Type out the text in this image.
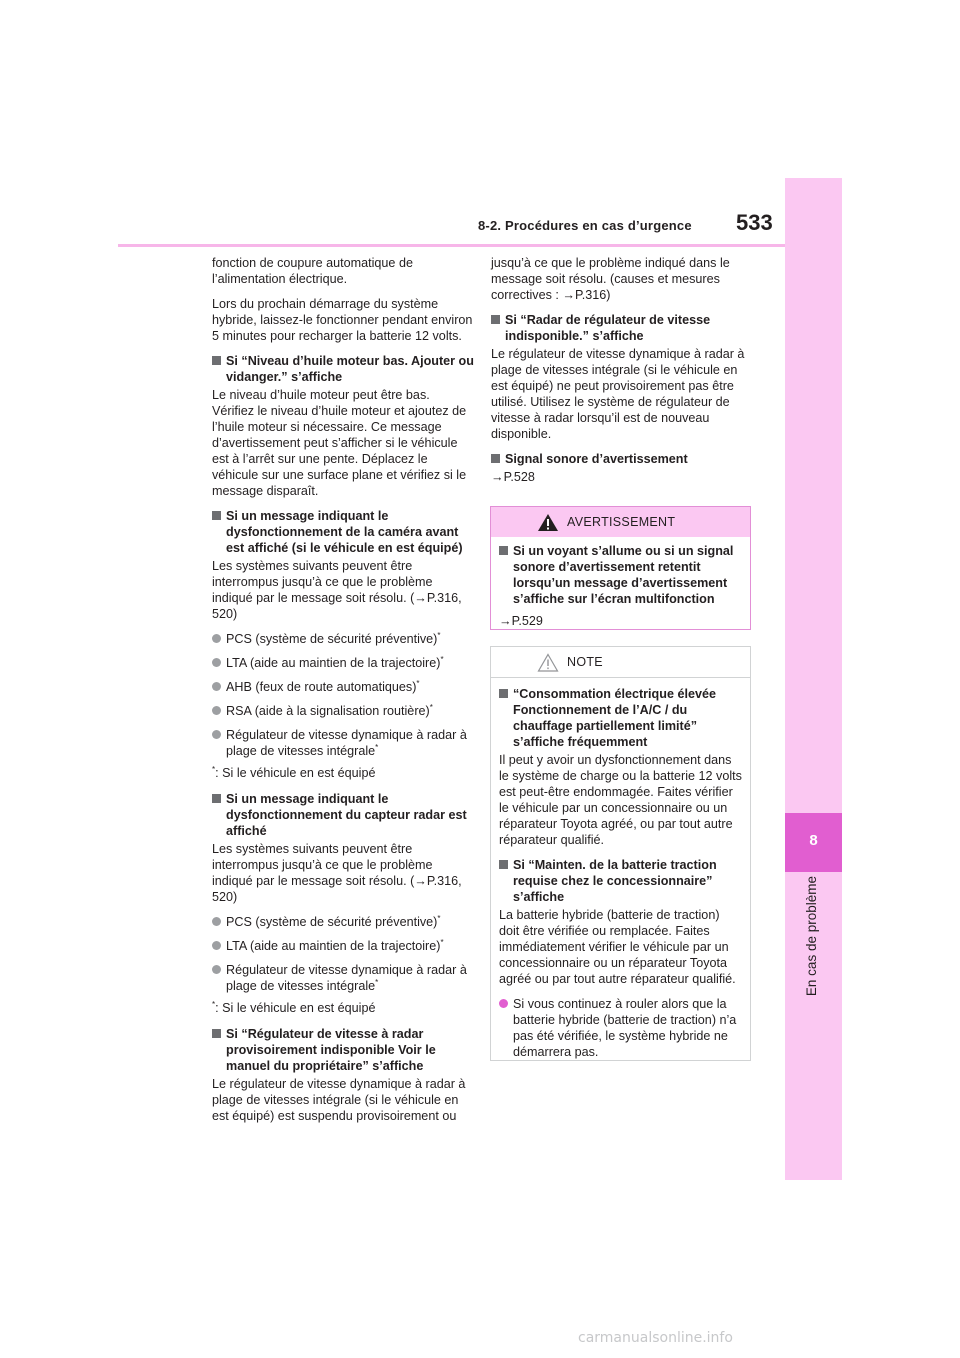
8-2. Procédures en cas d’urgence	533
8
En cas de problème

fonction de coupure automatique de l’alimentation électrique.

Lors du prochain démarrage du système hybride, laissez-le fonctionner pendant environ 5 minutes pour recharger la batterie 12 volts.

Si “Niveau d’huile moteur bas. Ajouter ou vidanger.” s’affiche

Le niveau d’huile moteur peut être bas. Vérifiez le niveau d’huile moteur et ajoutez de l’huile moteur si nécessaire. Ce message d’avertissement peut s’afficher si le véhicule est à l’arrêt sur une pente. Déplacez le véhicule sur une surface plane et vérifiez si le message disparaît.

Si un message indiquant le dysfonctionnement de la caméra avant est affiché (si le véhicule en est équipé)

Les systèmes suivants peuvent être interrompus jusqu’à ce que le problème indiqué par le message soit résolu. (→P.316, 520)

PCS (système de sécurité préventive)*
LTA (aide au maintien de la trajectoire)*
AHB (feux de route automatiques)*
RSA (aide à la signalisation routière)*
Régulateur de vitesse dynamique à radar à plage de vitesses intégrale*

*: Si le véhicule en est équipé

Si un message indiquant le dysfonctionnement du capteur radar est affiché

Les systèmes suivants peuvent être interrompus jusqu’à ce que le problème indiqué par le message soit résolu. (→P.316, 520)

PCS (système de sécurité préventive)*
LTA (aide au maintien de la trajectoire)*
Régulateur de vitesse dynamique à radar à plage de vitesses intégrale*

*: Si le véhicule en est équipé

Si “Régulateur de vitesse à radar provisoirement indisponible Voir le manuel du propriétaire” s’affiche

Le régulateur de vitesse dynamique à radar à plage de vitesses intégrale (si le véhicule en est équipé) est suspendu provisoirement ou

jusqu’à ce que le problème indiqué dans le message soit résolu. (causes et mesures correctives : →P.316)

Si “Radar de régulateur de vitesse indisponible.” s’affiche

Le régulateur de vitesse dynamique à radar à plage de vitesses intégrale (si le véhicule en est équipé) ne peut provisoirement pas être utilisé. Utilisez le système de régulateur de vitesse à radar lorsqu’il est de nouveau disponible.

Signal sonore d’avertissement

→P.528

AVERTISSEMENT
Si un voyant s’allume ou si un signal sonore d’avertissement retentit lorsqu’un message d’avertissement s’affiche sur l’écran multifonction

→P.529

NOTE
“Consommation électrique élevée Fonctionnement de l’A/C / du chauffage partiellement limité” s’affiche fréquemment

Il peut y avoir un dysfonctionnement dans le système de charge ou la batterie 12 volts est peut-être endommagée. Faites vérifier le véhicule par un concessionnaire ou un réparateur Toyota agréé, ou par tout autre réparateur qualifié.

Si “Mainten. de la batterie traction requise chez le concessionnaire” s’affiche

La batterie hybride (batterie de traction) doit être vérifiée ou remplacée. Faites immédiatement vérifier le véhicule par un concessionnaire ou un réparateur Toyota agréé ou par tout autre réparateur qualifié.

Si vous continuez à rouler alors que la batterie hybride (batterie de traction) n’a pas été vérifiée, le système hybride ne démarrera pas.
carmanualsonline.info
